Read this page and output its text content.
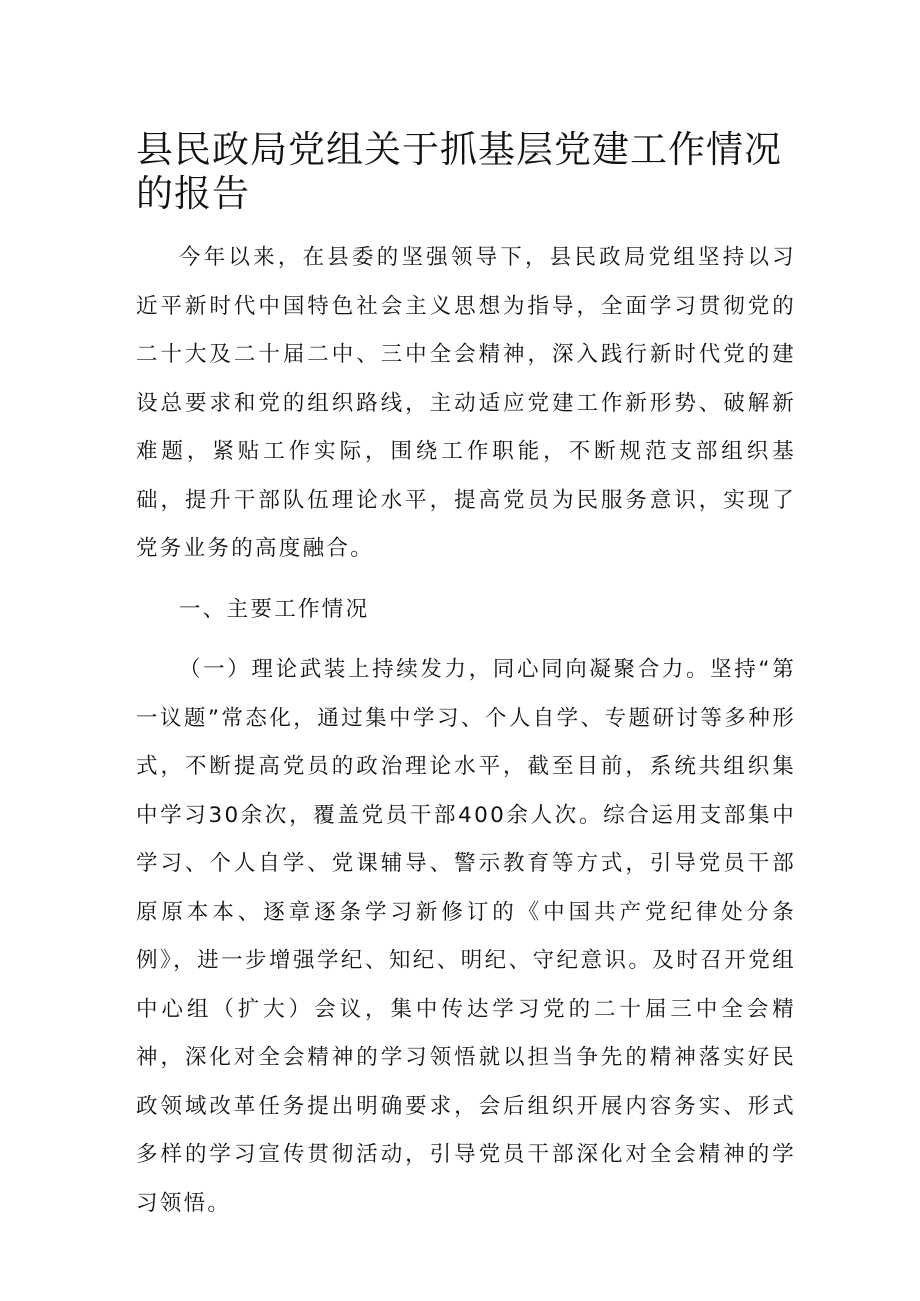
县民政局党组关于抓基层党建工作情况的报告

今年以来，在县委的坚强领导下，县民政局党组坚持以习近平新时代中国特色社会主义思想为指导，全面学习贯彻党的二十大及二十届二中、三中全会精神，深入践行新时代党的建设总要求和党的组织路线，主动适应党建工作新形势、破解新难题，紧贴工作实际，围绕工作职能，不断规范支部组织基础，提升干部队伍理论水平，提高党员为民服务意识，实现了党务业务的高度融合。

一、主要工作情况

（一）理论武装上持续发力，同心同向凝聚合力。坚持“第一议题”常态化，通过集中学习、个人自学、专题研讨等多种形式，不断提高党员的政治理论水平，截至目前，系统共组织集中学习30余次，覆盖党员干部400余人次。综合运用支部集中学习、个人自学、党课辅导、警示教育等方式，引导党员干部原原本本、逐章逐条学习新修订的《中国共产党纪律处分条例》，进一步增强学纪、知纪、明纪、守纪意识。及时召开党组中心组（扩大）会议，集中传达学习党的二十届三中全会精神，深化对全会精神的学习领悟就以担当争先的精神落实好民政领域改革任务提出明确要求，会后组织开展内容务实、形式多样的学习宣传贯彻活动，引导党员干部深化对全会精神的学习领悟。
